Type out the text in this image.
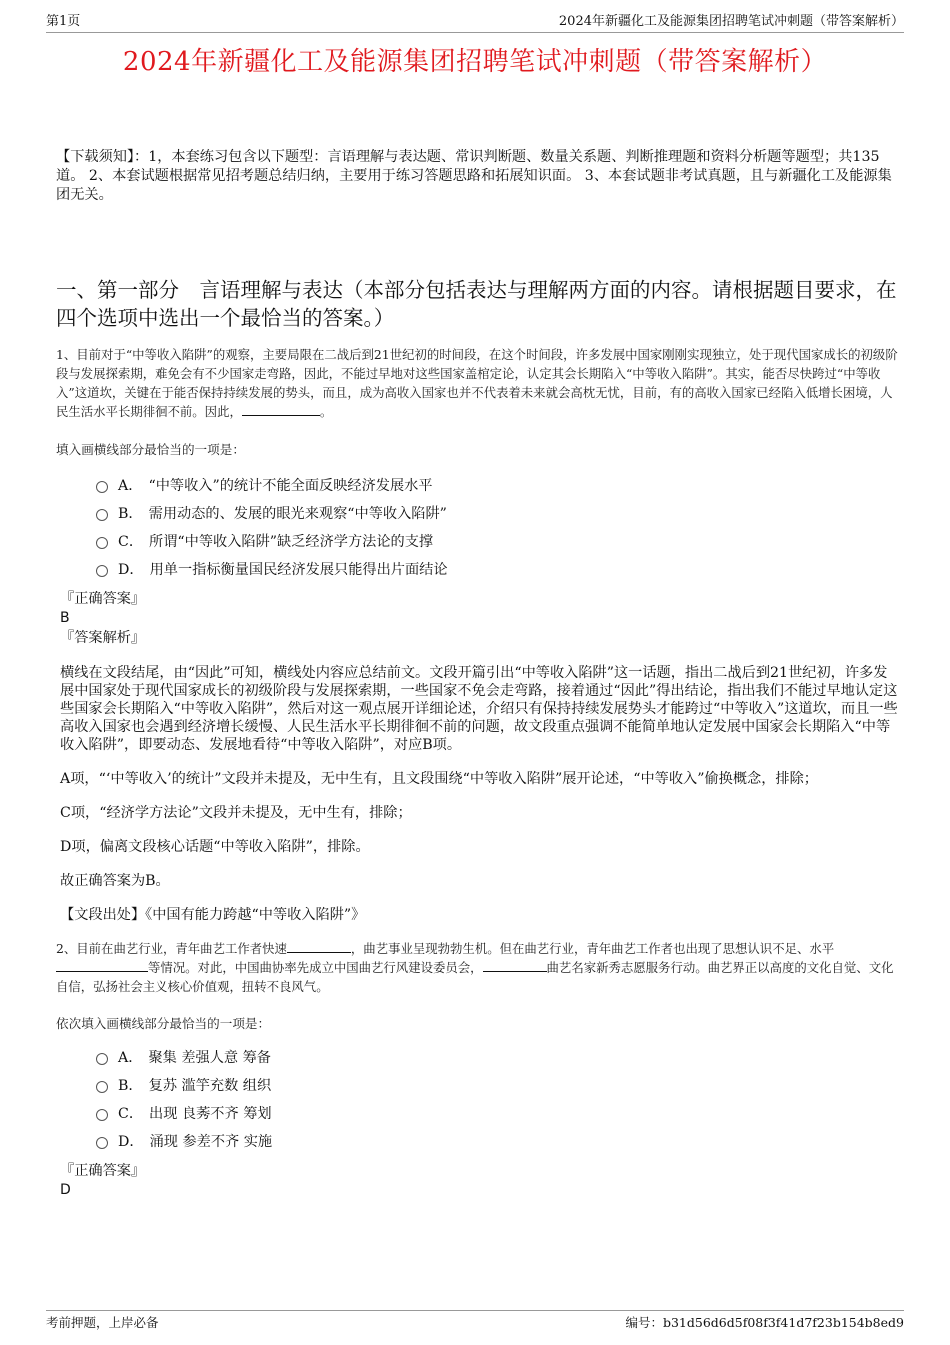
第1页	2024年新疆化工及能源集团招聘笔试冲刺题（带答案解析）
2024年新疆化工及能源集团招聘笔试冲刺题（带答案解析）
【下载须知】：1，本套练习包含以下题型：言语理解与表达题、常识判断题、数量关系题、判断推理题和资料分析题等题型；共135道。 2、本套试题根据常见招考题总结归纳，主要用于练习答题思路和拓展知识面。 3、本套试题非考试真题，且与新疆化工及能源集团无关。
一、第一部分　言语理解与表达（本部分包括表达与理解两方面的内容。请根据题目要求，在四个选项中选出一个最恰当的答案。）
1、目前对于“中等收入陷阱”的观察，主要局限在二战后到21世纪初的时间段，在这个时间段，许多发展中国家刚刚实现独立，处于现代国家成长的初级阶段与发展探索期，难免会有不少国家走弯路，因此，不能过早地对这些国家盖棺定论，认定其会长期陷入“中等收入陷阱”。其实，能否尽快跨过“中等收入”这道坎，关键在于能否保持持续发展的势头，而且，成为高收入国家也并不代表着未来就会高枕无忧，目前，有的高收入国家已经陷入低增长困境，人民生活水平长期徘徊不前。因此，	。
填入画横线部分最恰当的一项是：
A． “中等收入”的统计不能全面反映经济发展水平
B． 需用动态的、发展的眼光来观察“中等收入陷阱”
C． 所谓“中等收入陷阱”缺乏经济学方法论的支撑
D． 用单一指标衡量国民经济发展只能得出片面结论
『正确答案』
B
『答案解析』
横线在文段结尾，由“因此”可知，横线处内容应总结前文。文段开篇引出“中等收入陷阱”这一话题，指出二战后到21世纪初，许多发展中国家处于现代国家成长的初级阶段与发展探索期，一些国家不免会走弯路，接着通过“因此”得出结论，指出我们不能过早地认定这些国家会长期陷入“中等收入陷阱”，然后对这一观点展开详细论述，介绍只有保持持续发展势头才能跨过“中等收入”这道坎，而且一些高收入国家也会遇到经济增长缓慢、人民生活水平长期徘徊不前的问题，故文段重点强调不能简单地认定发展中国家会长期陷入“中等收入陷阱”，即要动态、发展地看待“中等收入陷阱”，对应B项。
A项，“‘中等收入’的统计”文段并未提及，无中生有，且文段围绕“中等收入陷阱”展开论述，“中等收入”偷换概念，排除；
C项，“经济学方法论”文段并未提及，无中生有，排除；
D项，偏离文段核心话题“中等收入陷阱”，排除。
故正确答案为B。
【文段出处】《中国有能力跨越“中等收入陷阱”》
2、目前在曲艺行业，青年曲艺工作者快速	，曲艺事业呈现勃勃生机。但在曲艺行业，青年曲艺工作者也出现了思想认识不足、水平等情况。对此，中国曲协率先成立中国曲艺行风建设委员会，	曲艺名家新秀志愿服务行动。曲艺界正以高度的文化自觉、文化自信，弘扬社会主义核心价值观，扭转不良风气。
依次填入画横线部分最恰当的一项是：
A． 聚集 差强人意 筹备
B． 复苏 滥竽充数 组织
C． 出现 良莠不齐 筹划
D． 涌现 参差不齐 实施
『正确答案』
D
考前押题，上岸必备	编号：b31d56d6d5f08f3f41d7f23b154b8ed9
